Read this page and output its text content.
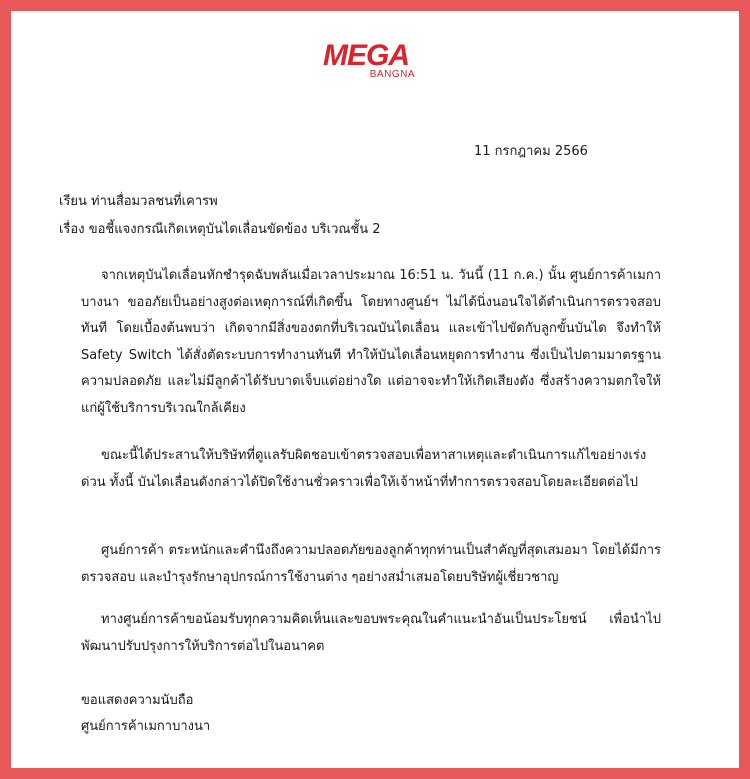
MEGA
BANGNA
11 กรกฎาคม 2566
เรียน ท่านสื่อมวลชนที่เคารพ
เรื่อง ขอชี้แจงกรณีเกิดเหตุบันไดเลื่อนขัดข้อง บริเวณชั้น 2
จากเหตุบันไดเลื่อนหักชำรุดฉับพลันเมื่อเวลาประมาณ 16:51 น. วันนี้ (11 ก.ค.) นั้น ศูนย์การค้าเมกาบางนา ขออภัยเป็นอย่างสูงต่อเหตุการณ์ที่เกิดขึ้น โดยทางศูนย์ฯ ไม่ได้นิ่งนอนใจได้ดำเนินการตรวจสอบทันที โดยเบื้องต้นพบว่า เกิดจากมีสิ่งของตกที่บริเวณบันไดเลื่อน และเข้าไปขัดกับลูกขั้นบันได จึงทำให้ Safety Switch ได้สั่งตัดระบบการทำงานทันที ทำให้บันไดเลื่อนหยุดการทำงาน ซึ่งเป็นไปตามมาตรฐานความปลอดภัย และไม่มีลูกค้าได้รับบาดเจ็บแต่อย่างใด แต่อาจจะทำให้เกิดเสียงดัง ซึ่งสร้างความตกใจให้แก่ผู้ใช้บริการบริเวณใกล้เคียง
ขณะนี้ได้ประสานให้บริษัทที่ดูแลรับผิดชอบเข้าตรวจสอบเพื่อหาสาเหตุและดำเนินการแก้ไขอย่างเร่งด่วน ทั้งนี้ บันไดเลื่อนดังกล่าวได้ปิดใช้งานชั่วคราวเพื่อให้เจ้าหน้าที่ทำการตรวจสอบโดยละเอียดต่อไป
ศูนย์การค้า ตระหนักและคำนึงถึงความปลอดภัยของลูกค้าทุกท่านเป็นสำคัญที่สุดเสมอมา โดยได้มีการตรวจสอบ และบำรุงรักษาอุปกรณ์การใช้งานต่าง ๆอย่างสม่ำเสมอโดยบริษัทผู้เชี่ยวชาญ
ทางศูนย์การค้าขอน้อมรับทุกความคิดเห็นและขอบพระคุณในคำแนะนำอันเป็นประโยชน์ เพื่อนำไปพัฒนาปรับปรุงการให้บริการต่อไปในอนาคต
ขอแสดงความนับถือ
ศูนย์การค้าเมกาบางนา
